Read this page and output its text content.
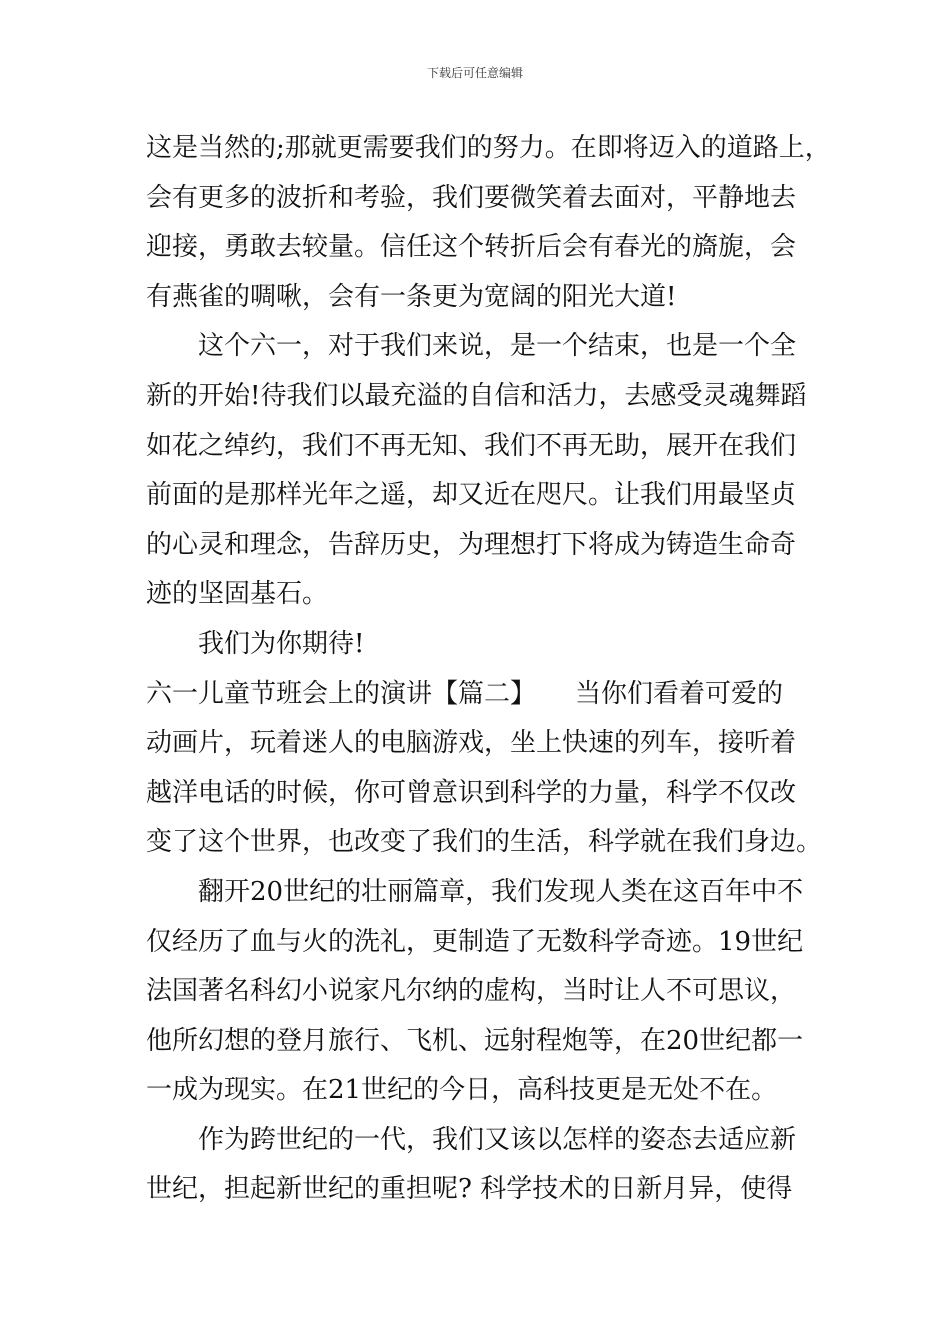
下载后可任意编辑
这是当然的;那就更需要我们的努力。在即将迈入的道路上，
会有更多的波折和考验，我们要微笑着去面对，平静地去
迎接，勇敢去较量。信任这个转折后会有春光的旖旎，会
有燕雀的啁啾，会有一条更为宽阔的阳光大道!
这个六一，对于我们来说，是一个结束，也是一个全
新的开始!待我们以最充溢的自信和活力，去感受灵魂舞蹈
如花之绰约，我们不再无知、我们不再无助，展开在我们
前面的是那样光年之遥，却又近在咫尺。让我们用最坚贞
的心灵和理念，告辞历史，为理想打下将成为铸造生命奇
迹的坚固基石。
我们为你期待!
六一儿童节班会上的演讲【篇二】　　当你们看着可爱的
动画片，玩着迷人的电脑游戏，坐上快速的列车，接听着
越洋电话的时候，你可曾意识到科学的力量，科学不仅改
变了这个世界，也改变了我们的生活，科学就在我们身边。
翻开20世纪的壮丽篇章，我们发现人类在这百年中不
仅经历了血与火的洗礼，更制造了无数科学奇迹。19世纪
法国著名科幻小说家凡尔纳的虚构，当时让人不可思议，
他所幻想的登月旅行、飞机、远射程炮等，在20世纪都一
一成为现实。在21世纪的今日，高科技更是无处不在。
作为跨世纪的一代，我们又该以怎样的姿态去适应新
世纪，担起新世纪的重担呢? 科学技术的日新月异，使得
